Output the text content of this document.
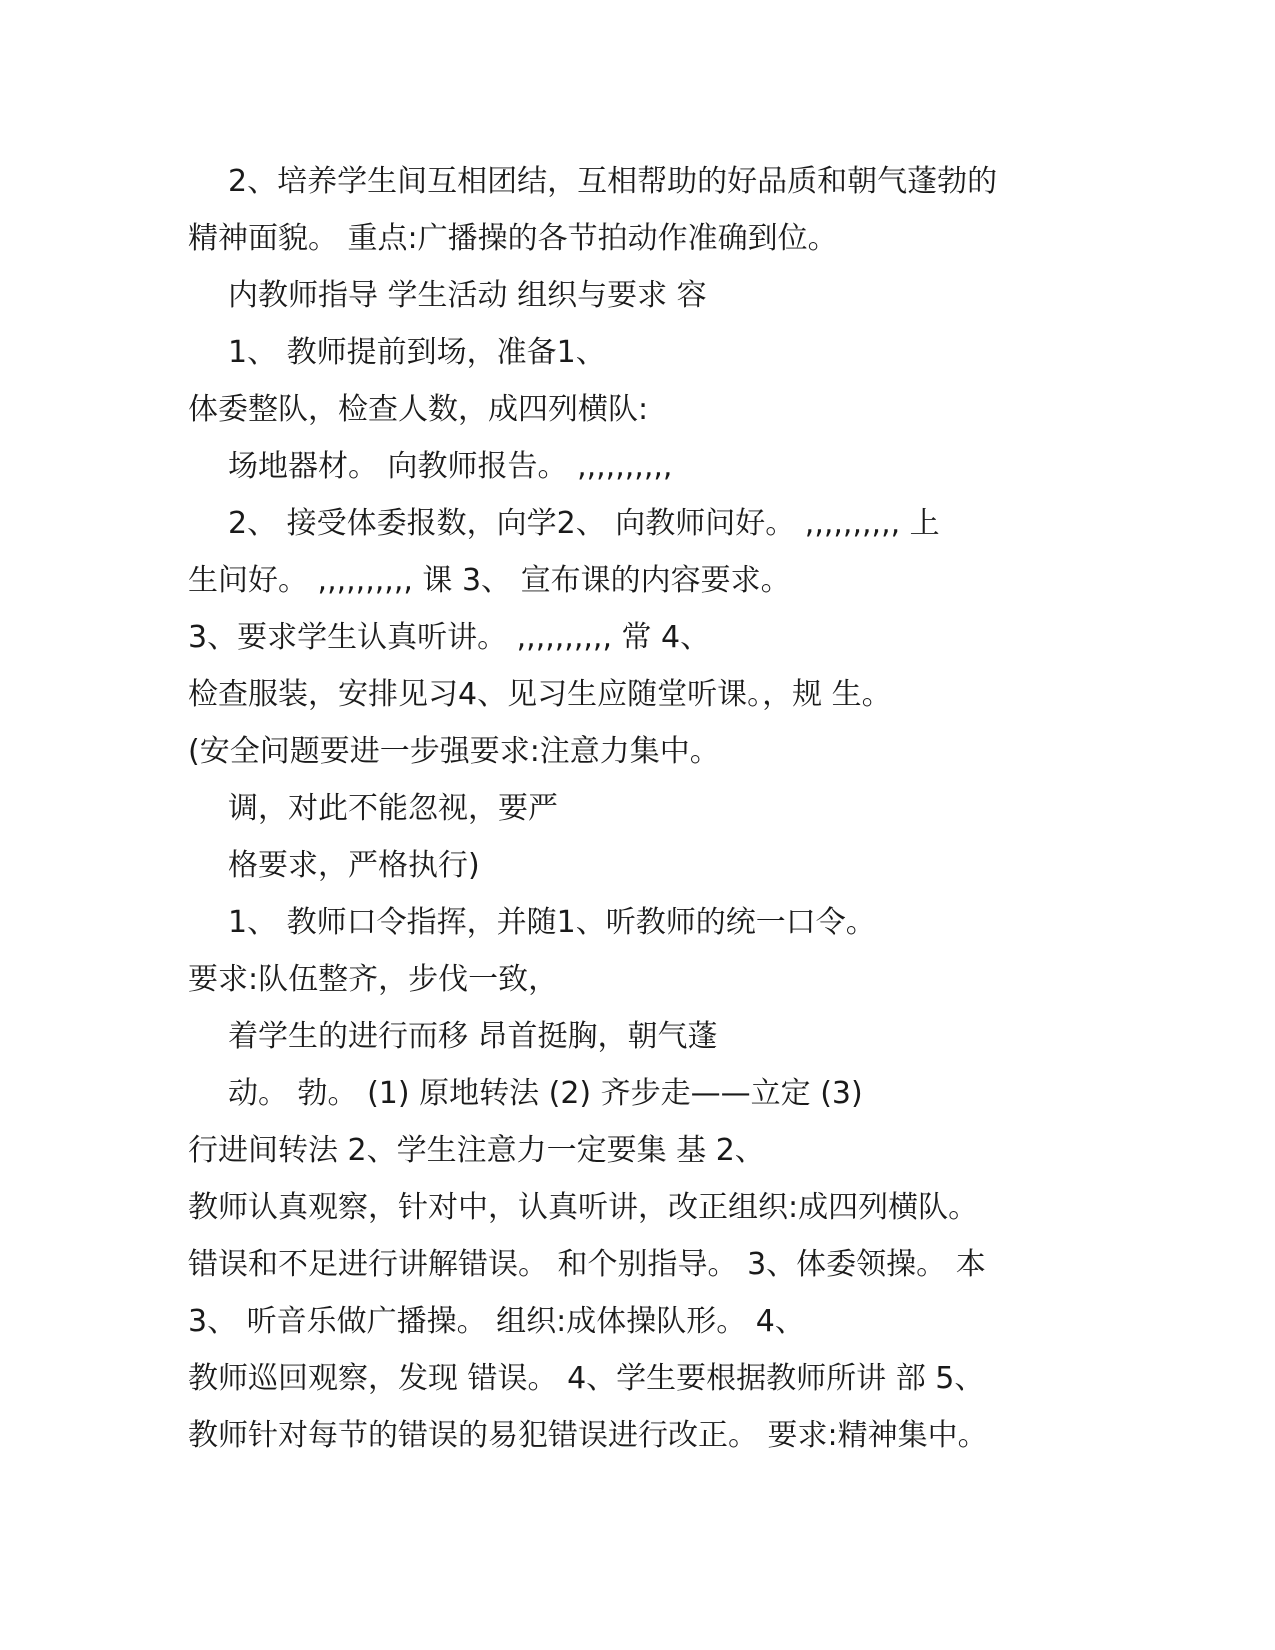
2、培养学生间互相团结，互相帮助的好品质和朝气蓬勃的
精神面貌。 重点:广播操的各节拍动作准确到位。
内教师指导 学生活动 组织与要求 容
1、 教师提前到场，准备1、
体委整队，检查人数，成四列横队:
场地器材。 向教师报告。 ,,,,,,,,,,
2、 接受体委报数，向学2、 向教师问好。 ,,,,,,,,,, 上
生问好。 ,,,,,,,,,, 课 3、 宣布课的内容要求。
3、要求学生认真听讲。 ,,,,,,,,,, 常 4、
检查服装，安排见习4、见习生应随堂听课。，规 生。
(安全问题要进一步强要求:注意力集中。
调，对此不能忽视，要严
格要求，严格执行)
1、 教师口令指挥，并随1、听教师的统一口令。
要求:队伍整齐，步伐一致，
着学生的进行而移 昂首挺胸，朝气蓬
动。 勃。 (1) 原地转法 (2) 齐步走——立定 (3)
行进间转法 2、学生注意力一定要集 基 2、
教师认真观察，针对中，认真听讲，改正组织:成四列横队。
错误和不足进行讲解错误。 和个别指导。 3、体委领操。 本
3、 听音乐做广播操。 组织:成体操队形。 4、
教师巡回观察，发现 错误。 4、学生要根据教师所讲 部 5、
教师针对每节的错误的易犯错误进行改正。 要求:精神集中。
